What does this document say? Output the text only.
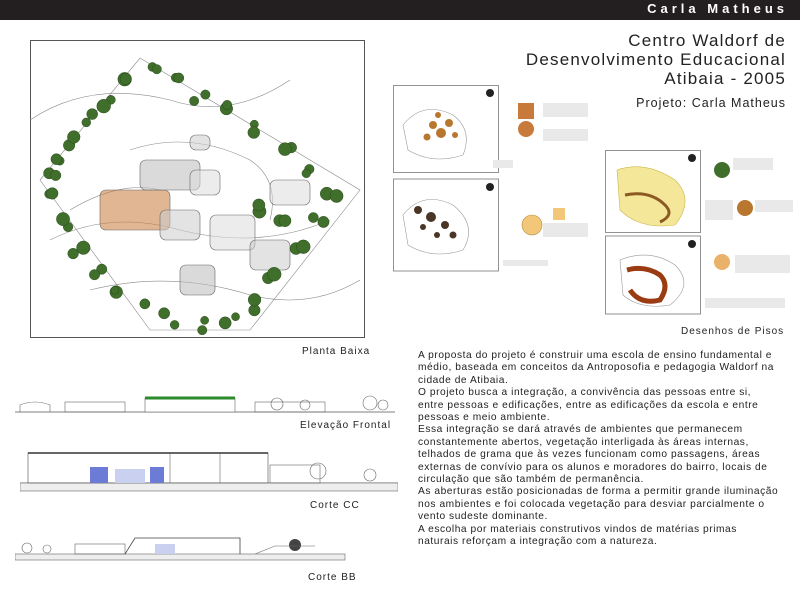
Carla Matheus
Centro Waldorf de
Desenvolvimento Educacional
Atibaia - 2005
Projeto: Carla Matheus
Planta Baixa
Desenhos de Pisos
Elevação Frontal
Corte CC
Corte BB

A proposta do projeto é construir uma escola de ensino fundamental e médio, baseada em conceitos da Antroposofia e pedagogia Waldorf na cidade de Atibaia.

O projeto busca a integração, a convivência das pessoas entre si, entre pessoas e edificações, entre as edificações da escola e entre pessoas e meio ambiente.

Essa integração se dará através de ambientes que permanecem constantemente abertos, vegetação interligada às áreas internas, telhados de grama que às vezes funcionam como passagens, áreas externas de convívio para os alunos e moradores do bairro, locais de circulação que são também de permanência.

As aberturas estão posicionadas de forma a permitir grande iluminação nos ambientes e foi colocada vegetação para desviar parcialmente o vento sudeste dominante.

A escolha por materiais construtivos vindos de matérias primas naturais reforçam a integração com a natureza.
